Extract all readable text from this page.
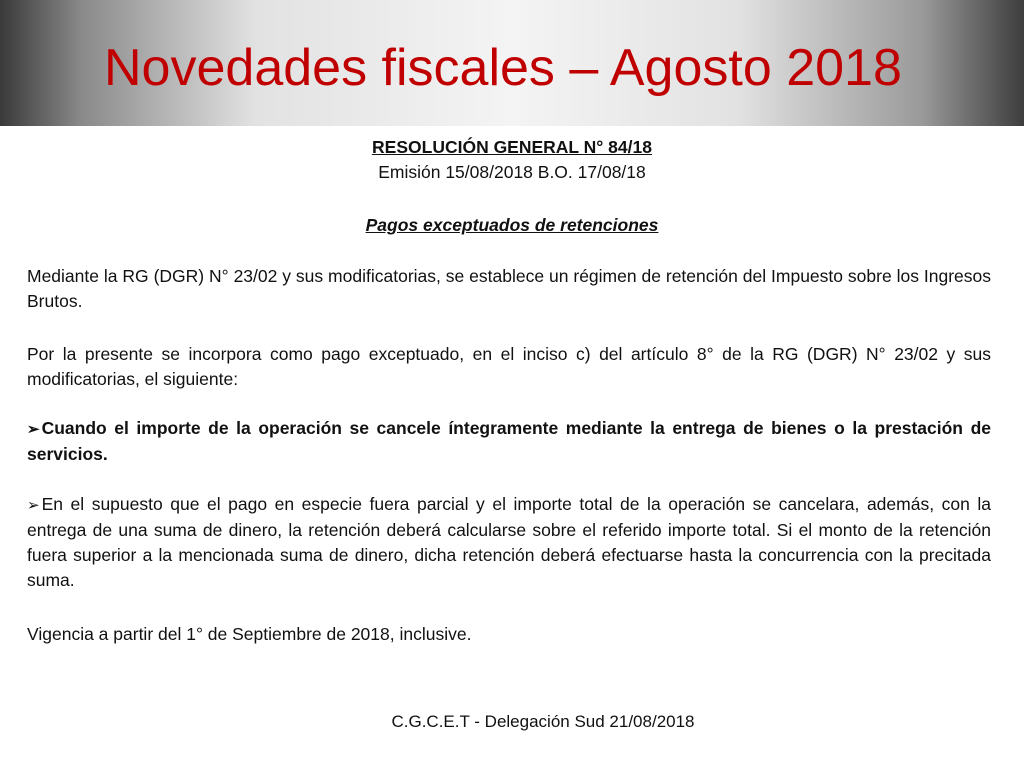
Novedades fiscales – Agosto 2018
RESOLUCIÓN GENERAL N° 84/18
Emisión 15/08/2018 B.O. 17/08/18
Pagos exceptuados de retenciones
Mediante la RG (DGR) N° 23/02 y sus modificatorias, se establece un régimen de retención del Impuesto sobre los Ingresos Brutos.
Por la presente se incorpora como pago exceptuado, en el inciso c) del artículo 8° de la RG (DGR) N° 23/02 y sus modificatorias, el siguiente:
➢ Cuando el importe de la operación se cancele íntegramente mediante la entrega de bienes o la prestación de servicios.
➢ En el supuesto que el pago en especie fuera parcial y el importe total de la operación se cancelara, además, con la entrega de una suma de dinero, la retención deberá calcularse sobre el referido importe total. Si el monto de la retención fuera superior a la mencionada suma de dinero, dicha retención deberá efectuarse hasta la concurrencia con la precitada suma.
Vigencia a partir del 1° de Septiembre de 2018, inclusive.
C.G.C.E.T - Delegación Sud 21/08/2018
